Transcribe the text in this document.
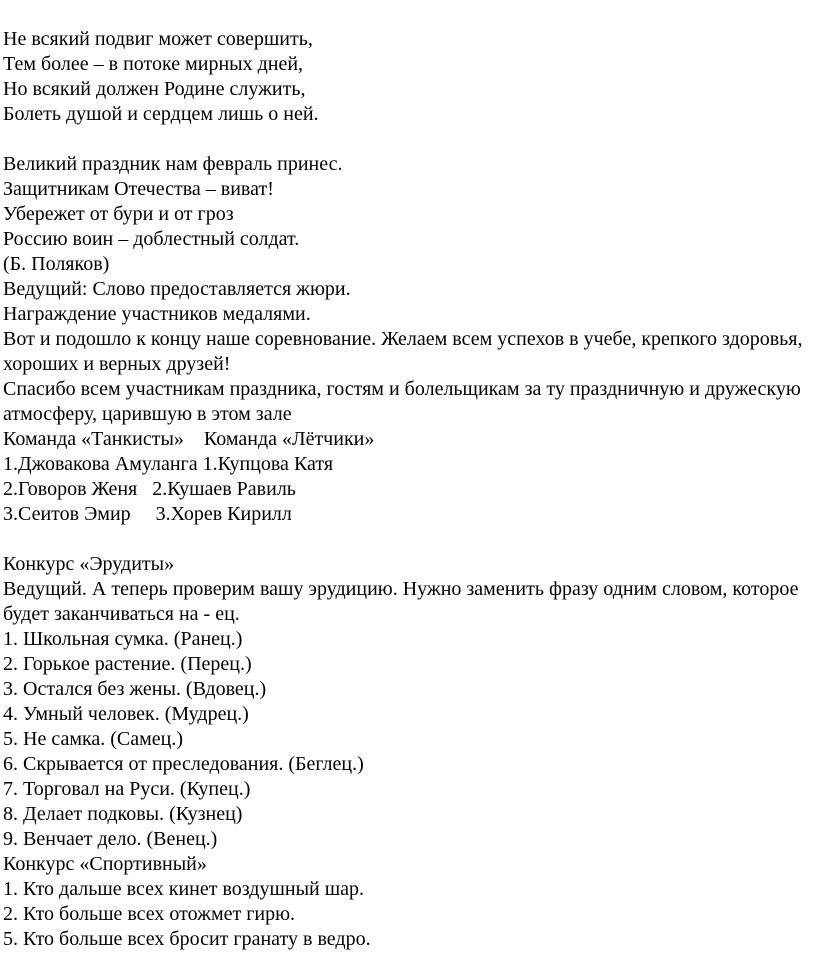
Не всякий подвиг может совершить,
Тем более – в потоке мирных дней,
Но всякий должен Родине служить,
Болеть душой и сердцем лишь о ней.
Великий праздник нам февраль принес.
Защитникам Отечества – виват!
Убережет от бури и от гроз
Россию воин – доблестный солдат.
(Б. Поляков)
Ведущий: Слово предоставляется жюри.
Награждение участников медалями.
Вот и подошло к концу наше соревнование. Желаем всем успехов в учебе, крепкого здоровья, хороших и верных друзей!
Спасибо всем участникам праздника, гостям и болельщикам за ту праздничную и дружескую атмосферу, царившую в этом зале
Команда «Танкисты»    Команда «Лётчики»
1.Джовакова Амуланга 1.Купцова Катя
2.Говоров Женя   2.Кушаев Равиль
3.Сеитов Эмир     3.Хорев Кирилл
Конкурс «Эрудиты»
Ведущий. А теперь проверим вашу эрудицию. Нужно заменить фразу одним словом, которое будет заканчиваться на - ец.
1. Школьная сумка. (Ранец.)
2. Горькое растение. (Перец.)
3. Остался без жены. (Вдовец.)
4. Умный человек. (Мудрец.)
5. Не самка. (Самец.)
6. Скрывается от преследования. (Беглец.)
7. Торговал на Руси. (Купец.)
8. Делает подковы. (Кузнец)
9. Венчает дело. (Венец.)
Конкурс «Спортивный»
1. Кто дальше всех кинет воздушный шар.
2. Кто больше всех отожмет гирю.
5. Кто больше всех бросит гранату в ведро.
